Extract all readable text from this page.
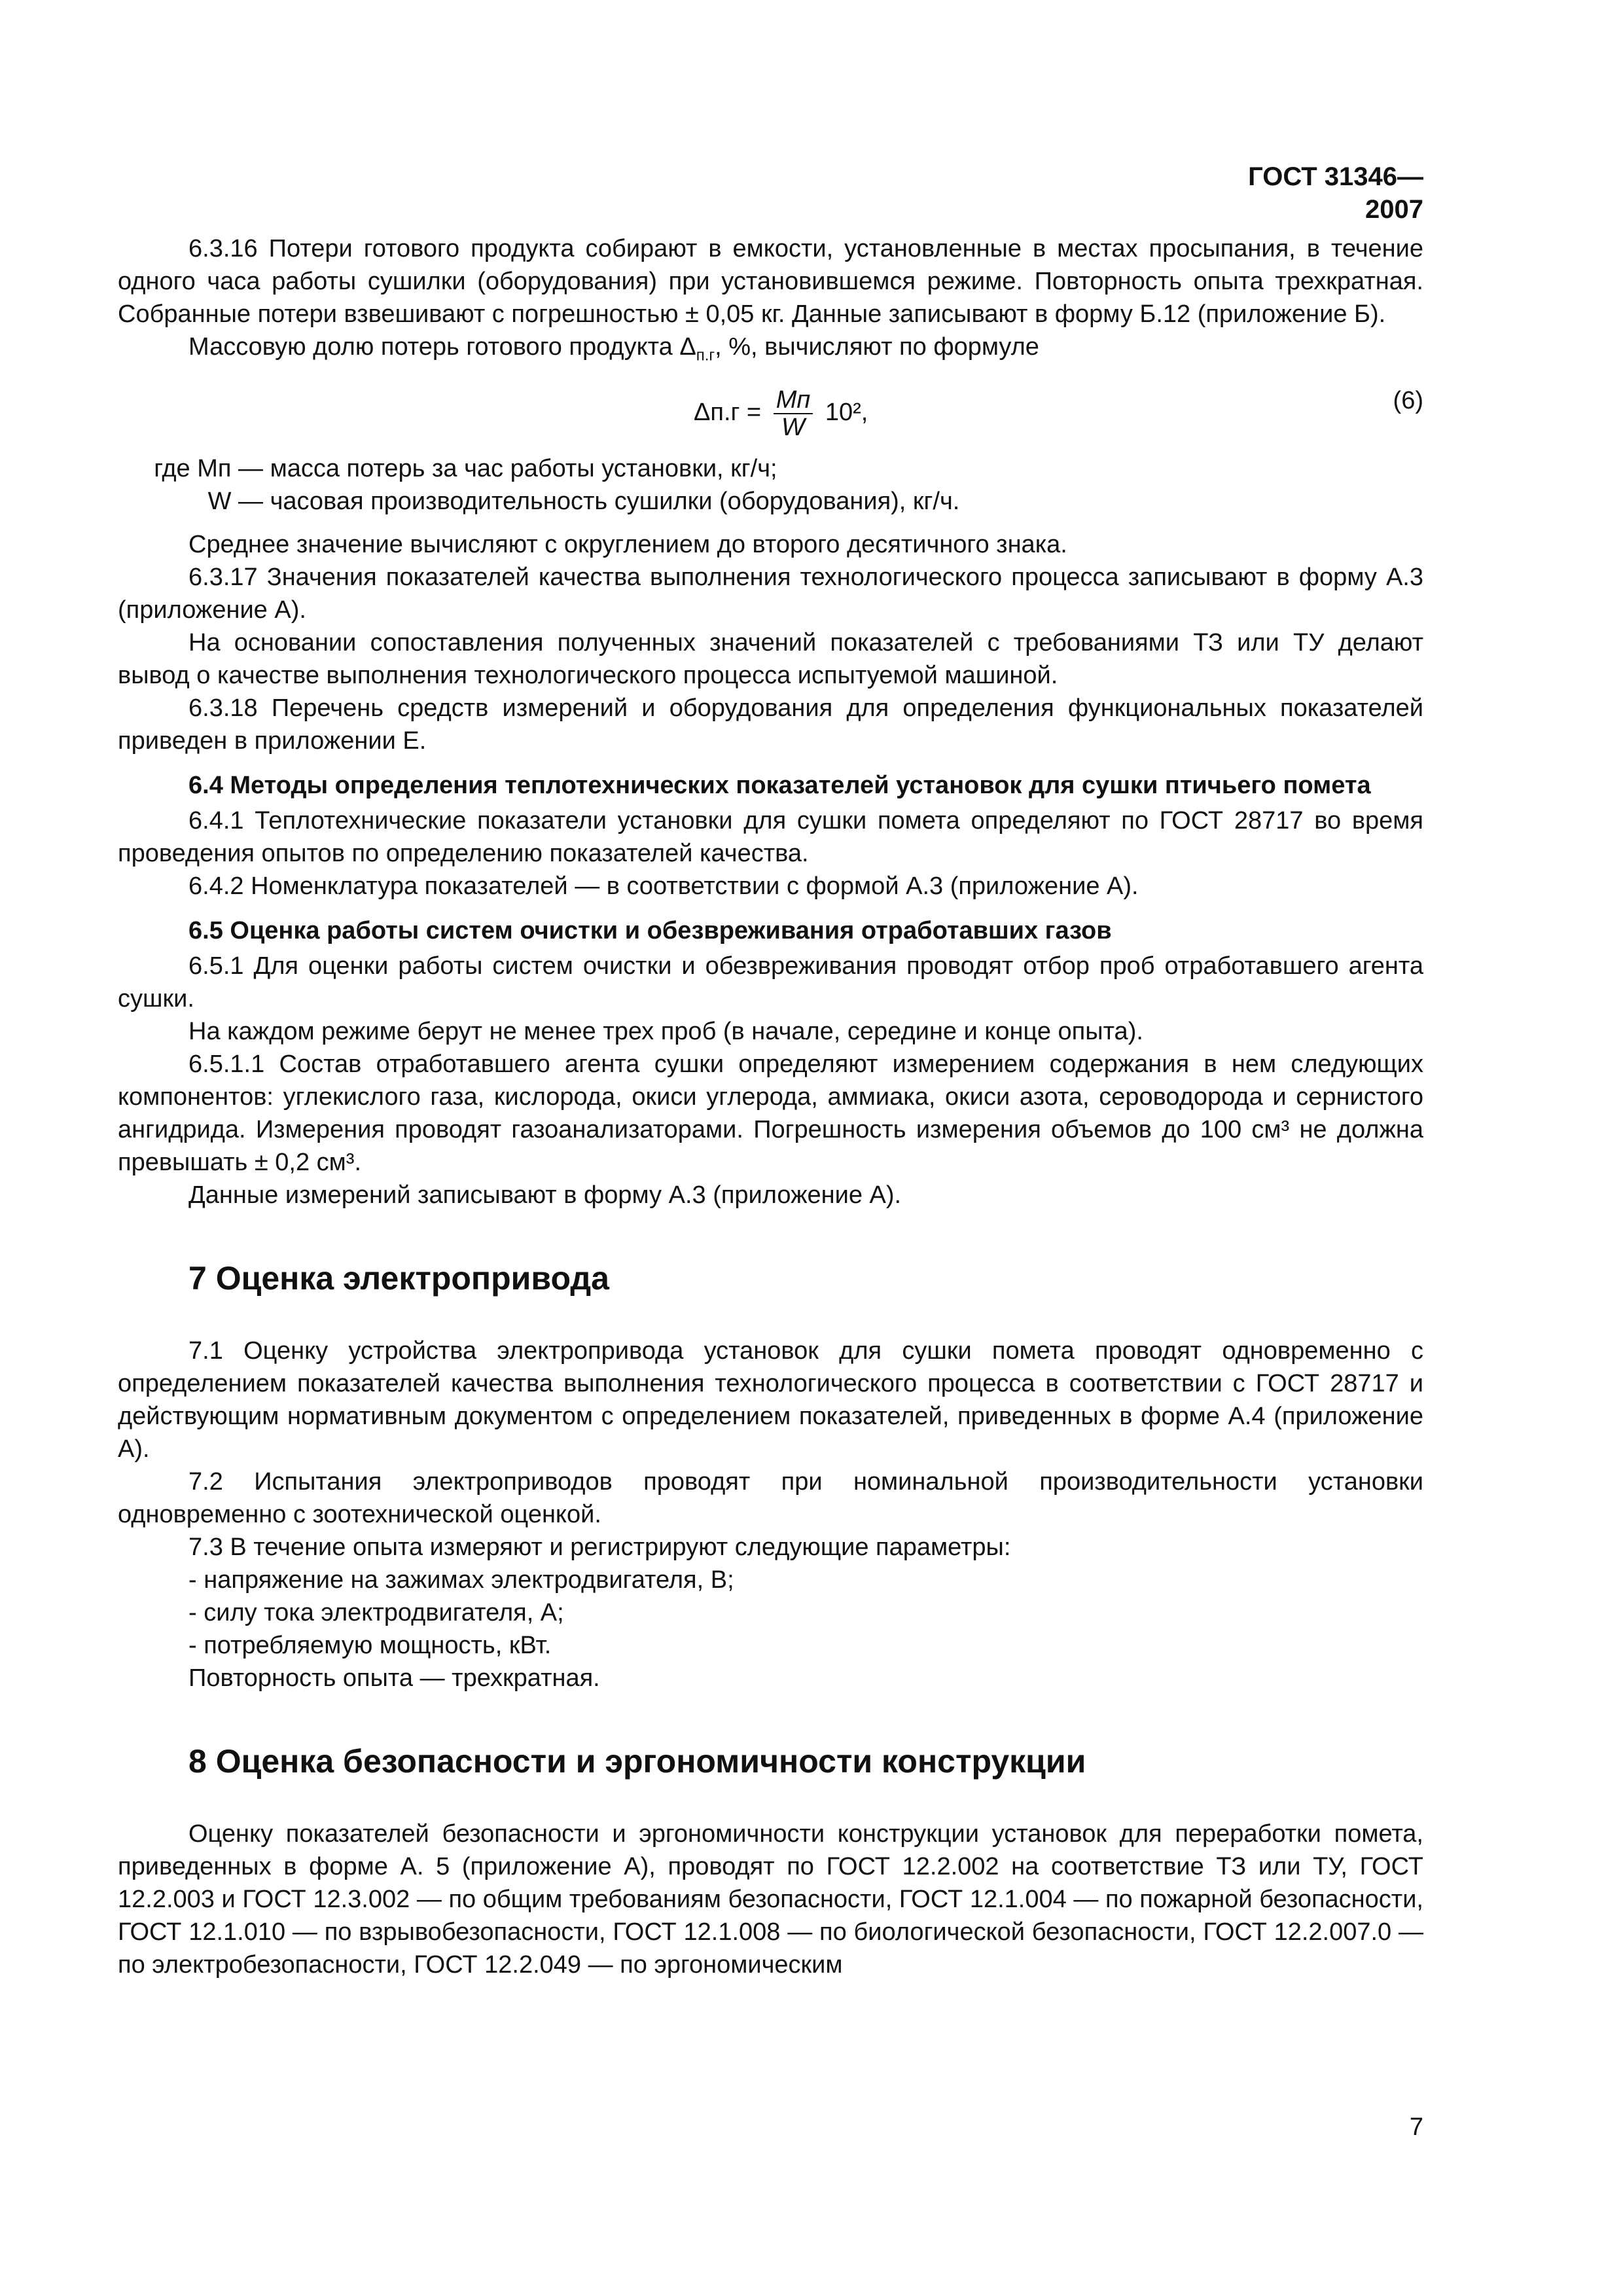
ГОСТ 31346—2007

6.3.16 Потери готового продукта собирают в емкости, установленные в местах просыпания, в течение одного часа работы сушилки (оборудования) при установившемся режиме. Повторность опыта трехкратная. Собранные потери взвешивают с погрешностью ± 0,05 кг. Данные записывают в форму Б.12 (приложение Б).

Массовую долю потерь готового продукта $\Delta_{п.г}$, %, вычисляют по формуле

$\Delta п.г = \frac{Mп}{W} 10^2$,	(6)

где Mп — масса потерь за час работы установки, кг/ч;

W — часовая производительность сушилки (оборудования), кг/ч.

Среднее значение вычисляют с округлением до второго десятичного знака.

6.3.17 Значения показателей качества выполнения технологического процесса записывают в форму А.3 (приложение А).

На основании сопоставления полученных значений показателей с требованиями ТЗ или ТУ делают вывод о качестве выполнения технологического процесса испытуемой машиной.

6.3.18 Перечень средств измерений и оборудования для определения функциональных показателей приведен в приложении Е.

6.4 Методы определения теплотехнических показателей установок для сушки птичьего помета

6.4.1 Теплотехнические показатели установки для сушки помета определяют по ГОСТ 28717 во время проведения опытов по определению показателей качества.

6.4.2 Номенклатура показателей — в соответствии с формой А.3 (приложение А).

6.5 Оценка работы систем очистки и обезвреживания отработавших газов

6.5.1 Для оценки работы систем очистки и обезвреживания проводят отбор проб отработавшего агента сушки.

На каждом режиме берут не менее трех проб (в начале, середине и конце опыта).

6.5.1.1 Состав отработавшего агента сушки определяют измерением содержания в нем следующих компонентов: углекислого газа, кислорода, окиси углерода, аммиака, окиси азота, сероводорода и сернистого ангидрида. Измерения проводят газоанализаторами. Погрешность измерения объемов до 100 см³ не должна превышать ± 0,2 см³.

Данные измерений записывают в форму А.3 (приложение А).

7 Оценка электропривода

7.1 Оценку устройства электропривода установок для сушки помета проводят одновременно с определением показателей качества выполнения технологического процесса в соответствии с ГОСТ 28717 и действующим нормативным документом с определением показателей, приведенных в форме А.4 (приложение А).

7.2 Испытания электроприводов проводят при номинальной производительности установки одновременно с зоотехнической оценкой.

7.3 В течение опыта измеряют и регистрируют следующие параметры:

- напряжение на зажимах электродвигателя, В;
- силу тока электродвигателя, А;
- потребляемую мощность, кВт.

Повторность опыта — трехкратная.

8 Оценка безопасности и эргономичности конструкции

Оценку показателей безопасности и эргономичности конструкции установок для переработки помета, приведенных в форме А. 5 (приложение А), проводят по ГОСТ 12.2.002 на соответствие ТЗ или ТУ, ГОСТ 12.2.003 и ГОСТ 12.3.002 — по общим требованиям безопасности, ГОСТ 12.1.004 — по пожарной безопасности, ГОСТ 12.1.010 — по взрывобезопасности, ГОСТ 12.1.008 — по биологической безопасности, ГОСТ 12.2.007.0 — по электробезопасности, ГОСТ 12.2.049 — по эргономическим

7
